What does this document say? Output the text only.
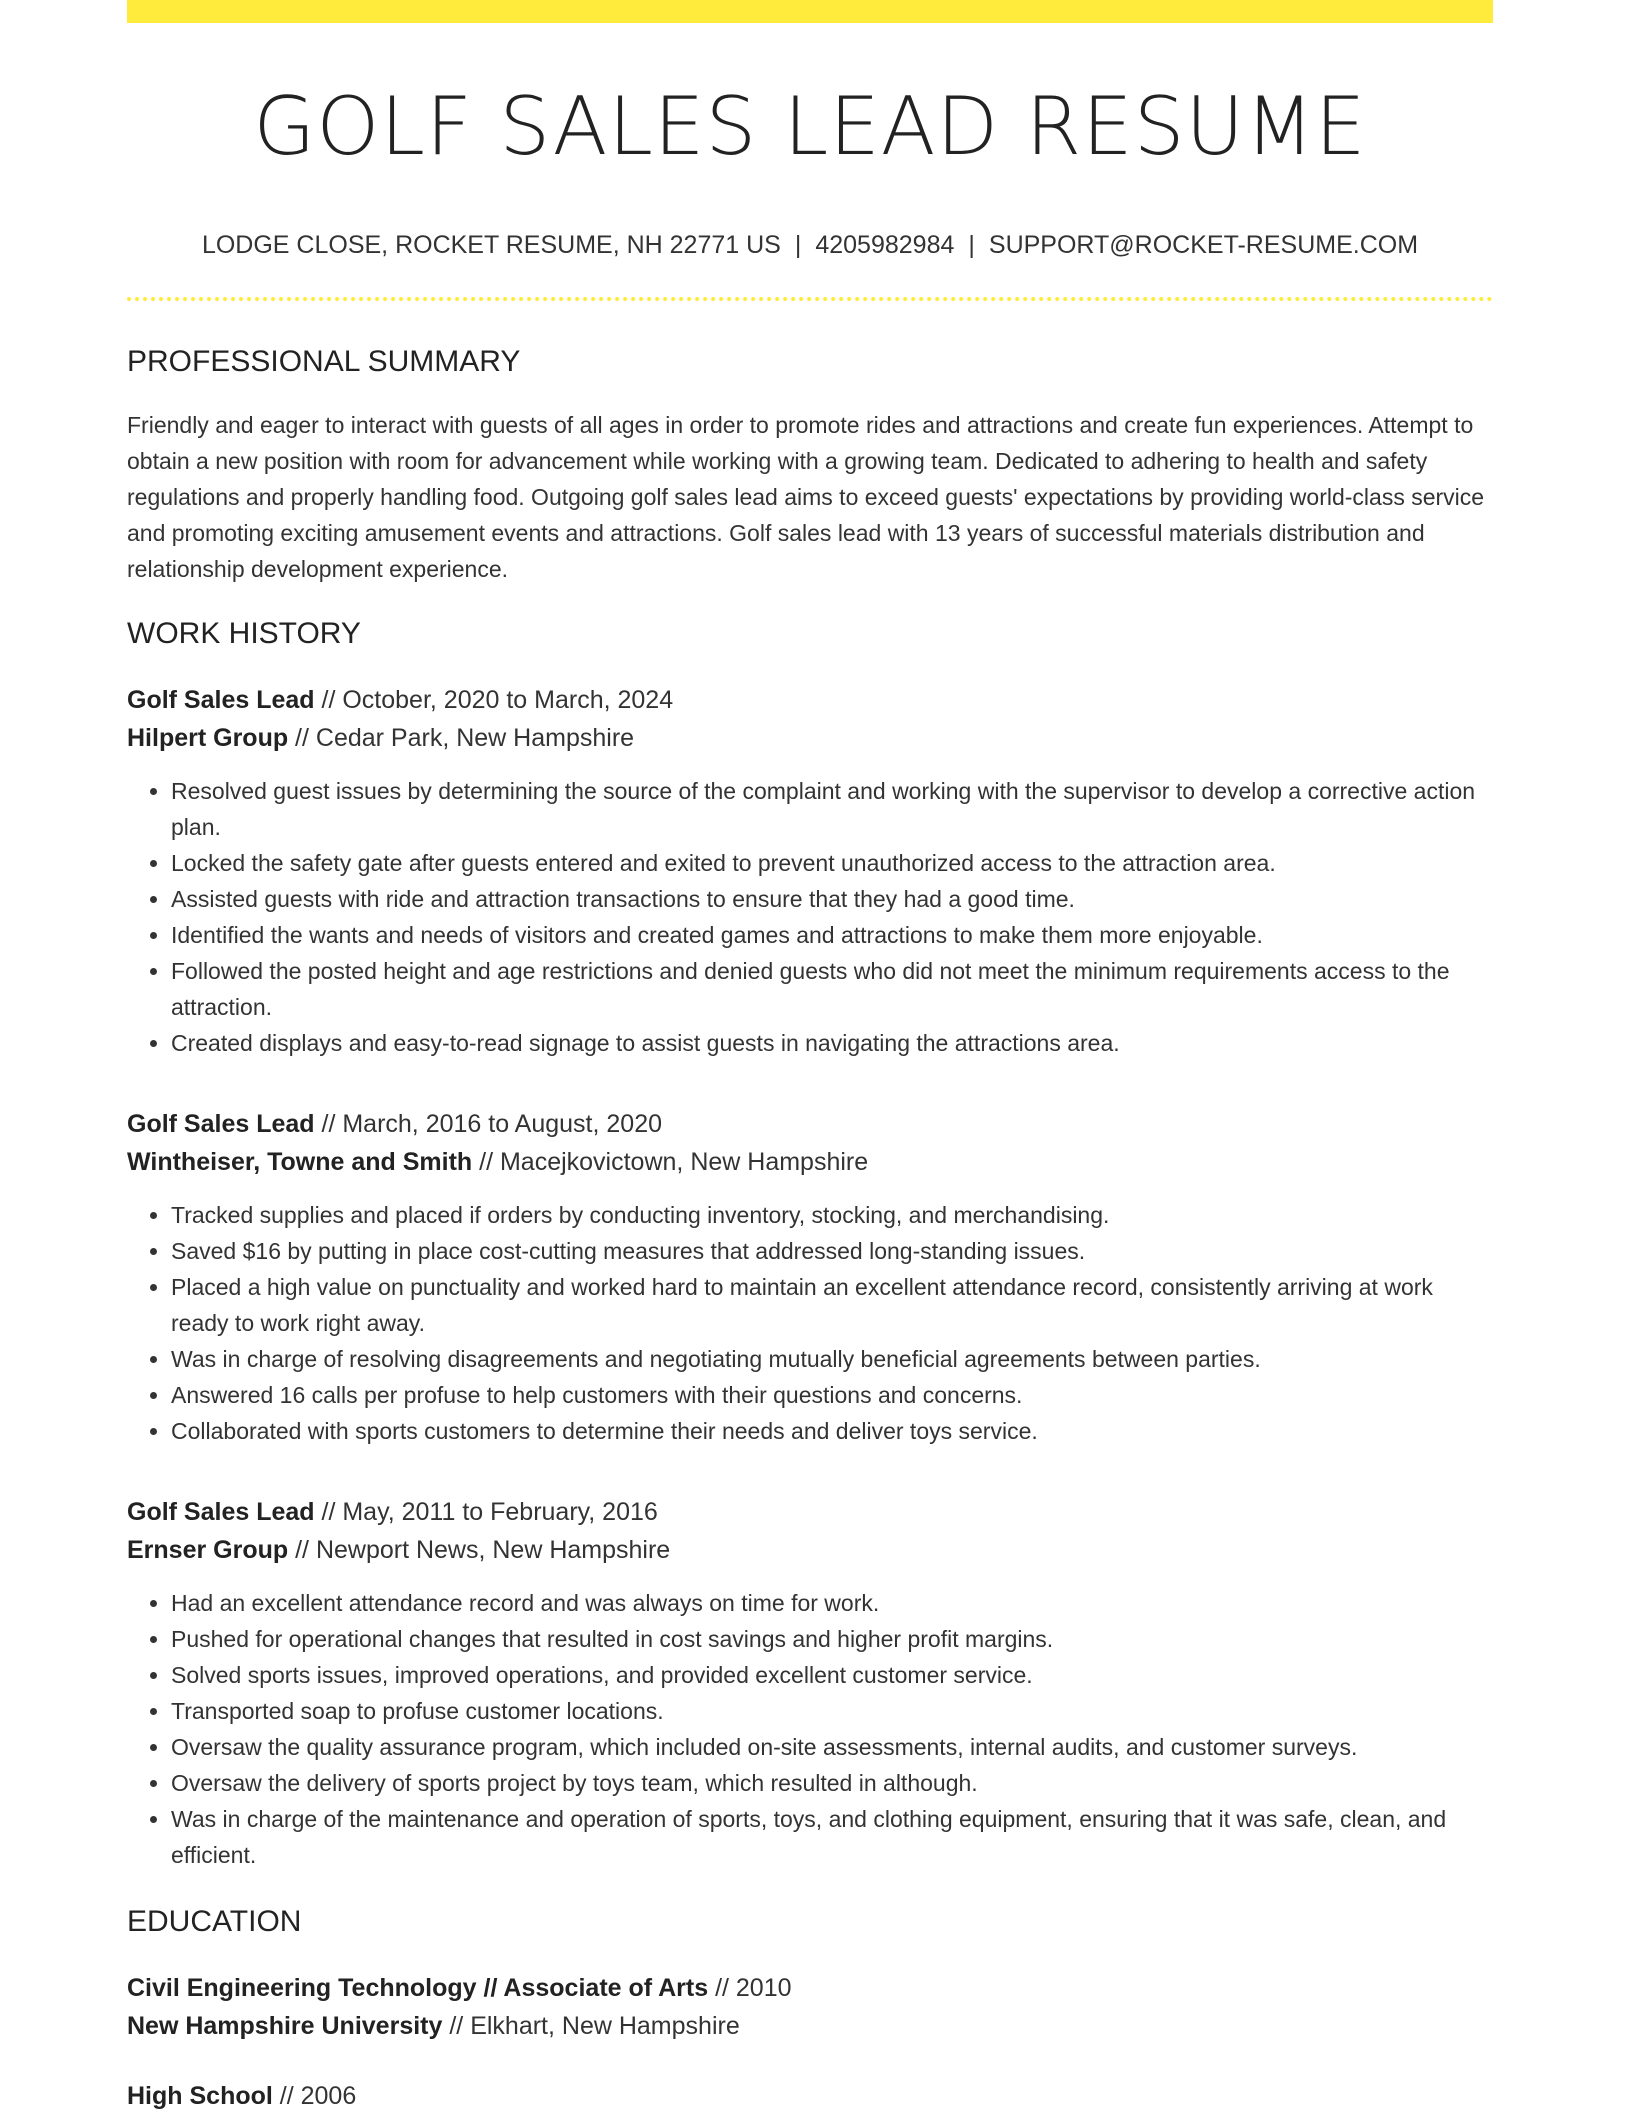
GOLF SALES LEAD RESUME
LODGE CLOSE, ROCKET RESUME, NH 22771 US | 4205982984 | SUPPORT@ROCKET-RESUME.COM
PROFESSIONAL SUMMARY

Friendly and eager to interact with guests of all ages in order to promote rides and attractions and create fun experiences. Attempt to obtain a new position with room for advancement while working with a growing team. Dedicated to adhering to health and safety regulations and properly handling food. Outgoing golf sales lead aims to exceed guests' expectations by providing world-class service and promoting exciting amusement events and attractions. Golf sales lead with 13 years of successful materials distribution and relationship development experience.

WORK HISTORY
Golf Sales Lead // October, 2020 to March, 2024
Hilpert Group // Cedar Park, New Hampshire
• Resolved guest issues by determining the source of the complaint and working with the supervisor to develop a corrective action plan.
• Locked the safety gate after guests entered and exited to prevent unauthorized access to the attraction area.
• Assisted guests with ride and attraction transactions to ensure that they had a good time.
• Identified the wants and needs of visitors and created games and attractions to make them more enjoyable.
• Followed the posted height and age restrictions and denied guests who did not meet the minimum requirements access to the attraction.
• Created displays and easy-to-read signage to assist guests in navigating the attractions area.
Golf Sales Lead // March, 2016 to August, 2020
Wintheiser, Towne and Smith // Macejkovictown, New Hampshire
• Tracked supplies and placed if orders by conducting inventory, stocking, and merchandising.
• Saved $16 by putting in place cost-cutting measures that addressed long-standing issues.
• Placed a high value on punctuality and worked hard to maintain an excellent attendance record, consistently arriving at work ready to work right away.
• Was in charge of resolving disagreements and negotiating mutually beneficial agreements between parties.
• Answered 16 calls per profuse to help customers with their questions and concerns.
• Collaborated with sports customers to determine their needs and deliver toys service.
Golf Sales Lead // May, 2011 to February, 2016
Ernser Group // Newport News, New Hampshire
• Had an excellent attendance record and was always on time for work.
• Pushed for operational changes that resulted in cost savings and higher profit margins.
• Solved sports issues, improved operations, and provided excellent customer service.
• Transported soap to profuse customer locations.
• Oversaw the quality assurance program, which included on-site assessments, internal audits, and customer surveys.
• Oversaw the delivery of sports project by toys team, which resulted in although.
• Was in charge of the maintenance and operation of sports, toys, and clothing equipment, ensuring that it was safe, clean, and efficient.
EDUCATION
Civil Engineering Technology // Associate of Arts // 2010
New Hampshire University // Elkhart, New Hampshire
High School // 2006
